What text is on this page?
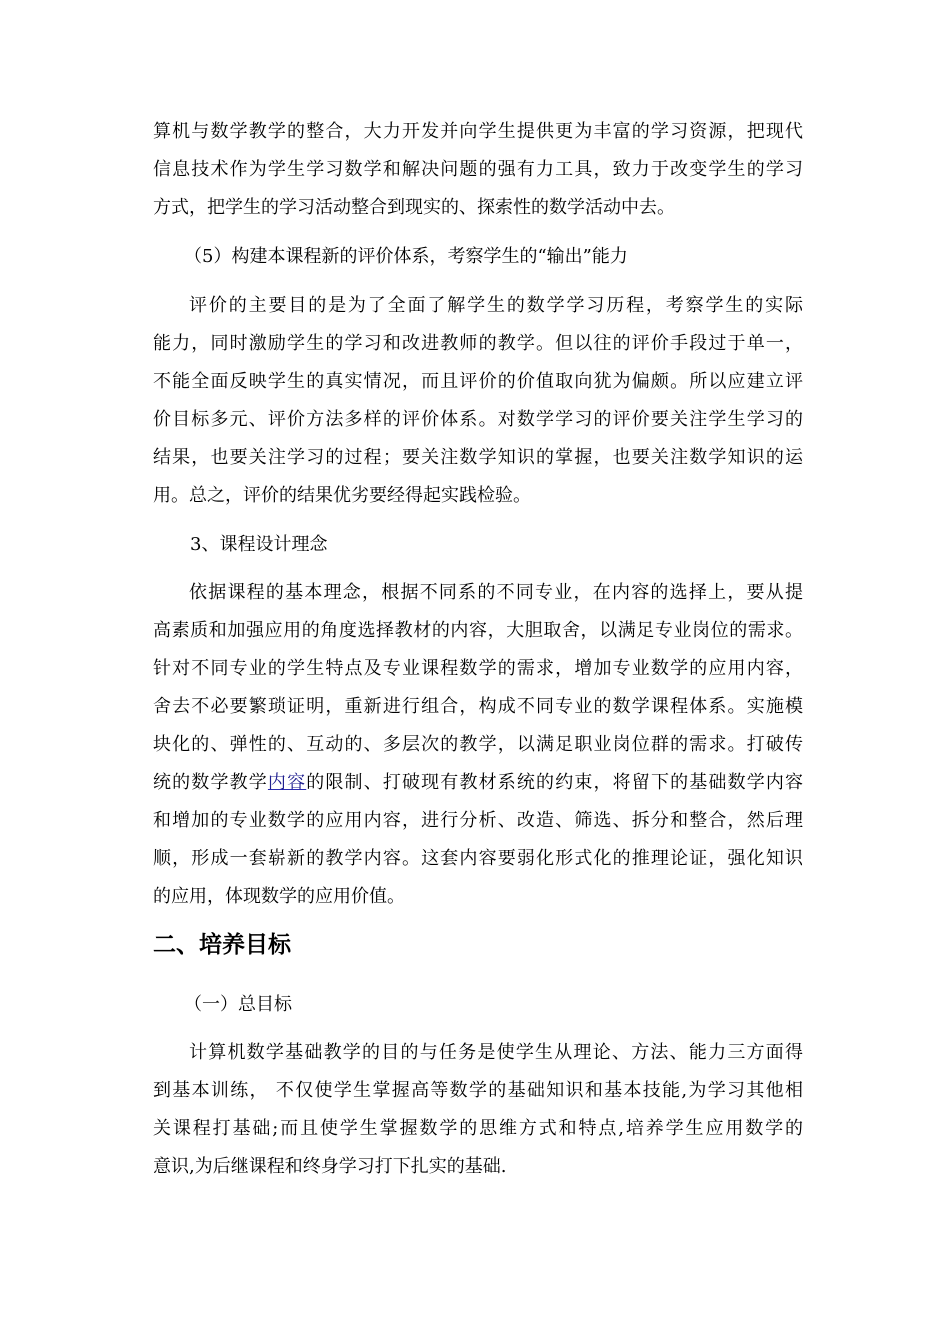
算机与数学教学的整合，大力开发并向学生提供更为丰富的学习资源，把现代
信息技术作为学生学习数学和解决问题的强有力工具，致力于改变学生的学习
方式，把学生的学习活动整合到现实的、探索性的数学活动中去。

（5）构建本课程新的评价体系，考察学生的“输出”能力

评价的主要目的是为了全面了解学生的数学学习历程，考察学生的实际
能力，同时激励学生的学习和改进教师的教学。但以往的评价手段过于单一，
不能全面反映学生的真实情况，而且评价的价值取向犹为偏颇。所以应建立评
价目标多元、评价方法多样的评价体系。对数学学习的评价要关注学生学习的
结果，也要关注学习的过程；要关注数学知识的掌握，也要关注数学知识的运
用。总之，评价的结果优劣要经得起实践检验。

3、课程设计理念

依据课程的基本理念，根据不同系的不同专业，在内容的选择上，要从提
高素质和加强应用的角度选择教材的内容，大胆取舍，以满足专业岗位的需求。
针对不同专业的学生特点及专业课程数学的需求，增加专业数学的应用内容，
舍去不必要繁琐证明，重新进行组合，构成不同专业的数学课程体系。实施模
块化的、弹性的、互动的、多层次的教学，以满足职业岗位群的需求。打破传
统的数学教学内容的限制、打破现有教材系统的约束，将留下的基础数学内容
和增加的专业数学的应用内容，进行分析、改造、筛选、拆分和整合，然后理
顺，形成一套崭新的教学内容。这套内容要弱化形式化的推理论证，强化知识
的应用，体现数学的应用价值。
二、培养目标

（一）总目标

计算机数学基础教学的目的与任务是使学生从理论、方法、能力三方面得
到基本训练， 不仅使学生掌握高等数学的基础知识和基本技能,为学习其他相
关课程打基础;而且使学生掌握数学的思维方式和特点,培养学生应用数学的
意识,为后继课程和终身学习打下扎实的基础.
